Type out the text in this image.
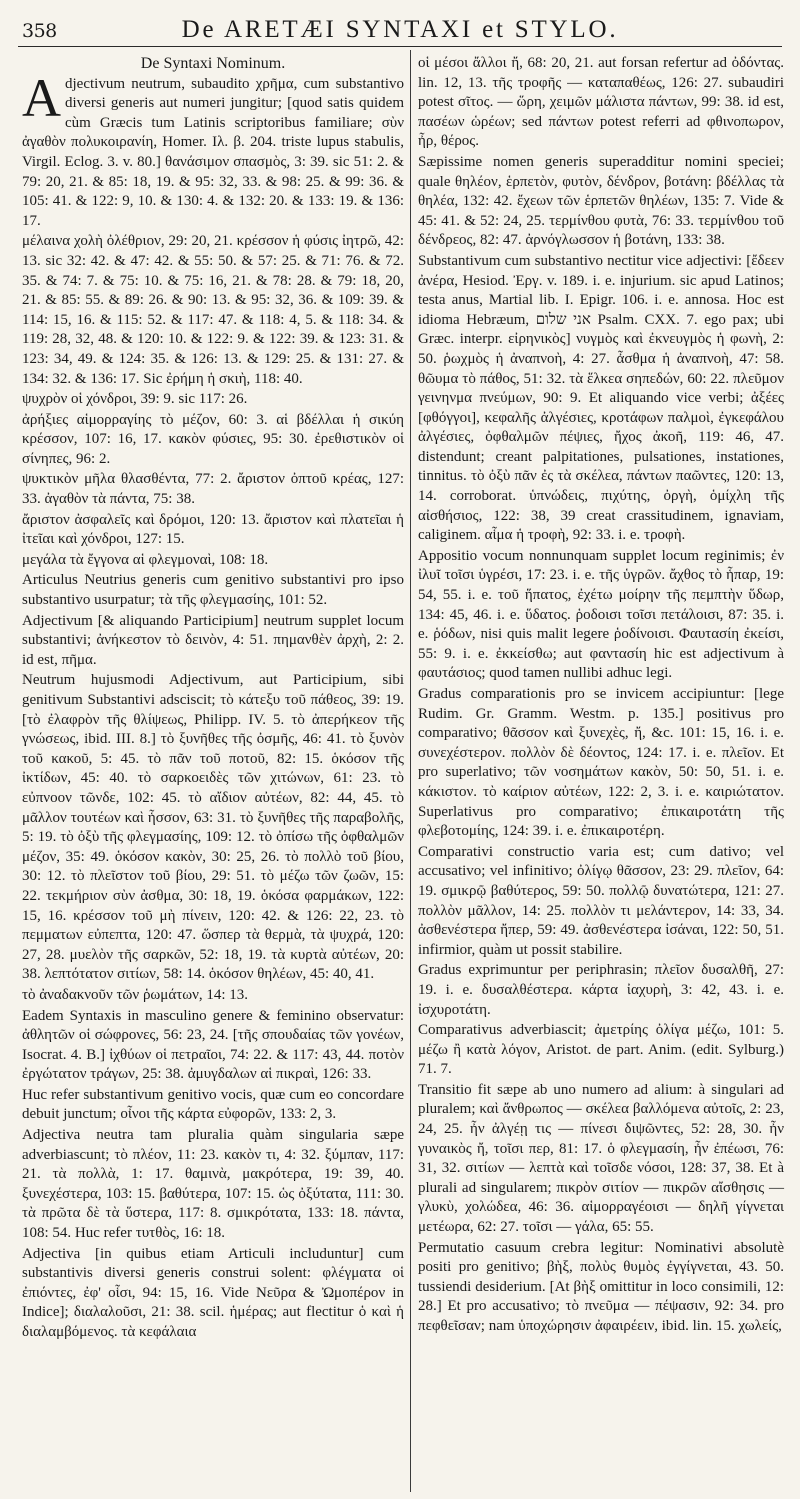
358	De ARETÆI SYNTAXI et STYLO.
De Syntaxi Nominum.

Adjectivum neutrum, subaudito χρῆμα, cum substantivo diversi generis aut numeri jungitur; [quod satis quidem cùm Græcis tum Latinis scriptoribus familiare; σὺν ἀγαθὸν πολυκοιρανίη, Homer. Ιλ. β. 204. triste lupus stabulis, Virgil. Eclog. 3. v. 80.] θανάσιμον σπασμὸς, 3: 39. sic 51: 2. & 79: 20, 21. & 85: 18, 19. & 95: 32, 33. & 98: 25. & 99: 36. & 105: 41. & 122: 9, 10. & 130: 4. & 132: 20. & 133: 19. & 136: 17.

μέλαινα χολὴ ὀλέθριον, 29: 20, 21. κρέσσον ἡ φύσις ἰητρῶ, 42: 13. sic 32: 42. & 47: 42. & 55: 50. & 57: 25. & 71: 76. & 72. 35. & 74: 7. & 75: 10. & 75: 16, 21. & 78: 28. & 79: 18, 20, 21. & 85: 55. & 89: 26. & 90: 13. & 95: 32, 36. & 109: 39. & 114: 15, 16. & 115: 52. & 117: 47. & 118: 4, 5. & 118: 34. & 119: 28, 32, 48. & 120: 10. & 122: 9. & 122: 39. & 123: 31. & 123: 34, 49. & 124: 35. & 126: 13. & 129: 25. & 131: 27. & 134: 32. & 136: 17. Sic ἐρήμη ἡ σκιὴ, 118: 40.

ψυχρὸν οἱ χόνδροι, 39: 9. sic 117: 26.

ἀρήξιες αἱμορραγίης τὸ μέζον, 60: 3. αἱ βδέλλαι ἡ σικύη κρέσσον, 107: 16, 17. κακὸν φύσιες, 95: 30. ἐρεθιστικὸν οἱ σίνηπες, 96: 2.

ψυκτικὸν μῆλα θλασθέντα, 77: 2. ἄριστον ὀπτοῦ κρέας, 127: 33. ἀγαθὸν τὰ πάντα, 75: 38.

ἄριστον ἀσφαλεῖς καὶ δρόμοι, 120: 13. ἄριστον καὶ πλατεῖαι ἡ ἰτεῖαι καὶ χόνδροι, 127: 15.

μεγάλα τὰ ἔγγονα αἱ φλεγμοναὶ, 108: 18.

Articulus Neutrius generis cum genitivo substantivi pro ipso substantivo usurpatur; τὰ τῆς φλεγμασίης, 101: 52.

Adjectivum [& aliquando Participium] neutrum supplet locum substantivi; ἀνήκεστον τὸ δεινὸν, 4: 51. πημανθὲν ἀρχὴ, 2: 2. id est, πῆμα.

Neutrum hujusmodi Adjectivum, aut Participium, sibi genitivum Substantivi adsciscit; τὸ κάτεξυ τοῦ πάθεος, 39: 19. [τὸ ἐλαφρὸν τῆς θλίψεως, Philipp. IV. 5. τὸ ἀπερήκεον τῆς γνώσεως, ibid. III. 8.] τὸ ξυνῆθες τῆς ὀσμῆς, 46: 41. τὸ ξυνὸν τοῦ κακοῦ, 5: 45. τὸ πᾶν τοῦ ποτοῦ, 82: 15. ὁκόσον τῆς ἰκτίδων, 45: 40. τὸ σαρκοειδὲς τῶν χιτώνων, 61: 23. τὸ εὐπνοον τῶνδε, 102: 45. τὸ αἴδιον αὐτέων, 82: 44, 45. τὸ μᾶλλον τουτέων καὶ ἧσσον, 63: 31. τὸ ξυνῆθες τῆς παραβολῆς, 5: 19. τὸ ὀξὺ τῆς φλεγμασίης, 109: 12. τὸ ὀπίσω τῆς ὀφθαλμῶν μέζον, 35: 49. ὁκόσον κακὸν, 30: 25, 26. τὸ πολλὸ τοῦ βίου, 30: 12. τὸ πλεῖστον τοῦ βίου, 29: 51. τὸ μέζω τῶν ζωῶν, 15: 22. τεκμήριον σὺν ἀσθμα, 30: 18, 19. ὁκόσα φαρμάκων, 122: 15, 16. κρέσσον τοῦ μὴ πίνειν, 120: 42. & 126: 22, 23. τὸ πεμματων εὐπεπτα, 120: 47. ὥσπερ τὰ θερμὰ, τὰ ψυχρά, 120: 27, 28. μυελὸν τῆς σαρκῶν, 52: 18, 19. τὰ κυρτὰ αὐτέων, 20: 38. λεπτότατον σιτίων, 58: 14. ὁκόσον θηλέων, 45: 40, 41.

τὸ ἀναδακνοῦν τῶν ῥωμάτων, 14: 13.

Eadem Syntaxis in masculino genere & feminino observatur: ἀθλητῶν οἱ σώφρονες, 56: 23, 24. [τῆς σπουδαίας τῶν γονέων, Isocrat. 4. B.] ἰχθύων οἱ πετραῖοι, 74: 22. & 117: 43, 44. ποτὸν ἐργώτατον τράγων, 25: 38. ἀμυγδαλων αἱ πικραὶ, 126: 33.

Huc refer substantivum genitivo vocis, quæ cum eo concordare debuit junctum; οἶνοι τῆς κάρτα εὐφορῶν, 133: 2, 3.

Adjectiva neutra tam pluralia quàm singularia sæpe adverbiascunt; τὸ πλέον, 11: 23. κακὸν τι, 4: 32. ξύμπαν, 117: 21. τὰ πολλὰ, 1: 17. θαμινὰ, μακρότερα, 19: 39, 40. ξυνεχέστερα, 103: 15. βαθύτερα, 107: 15. ὡς ὀξύτατα, 111: 30. τὰ πρῶτα δὲ τὰ ὕστερα, 117: 8. σμικρότατα, 133: 18. πάντα, 108: 54. Huc refer τυτθὸς, 16: 18.

Adjectiva [in quibus etiam Articuli includuntur] cum substantivis diversi generis construi solent: φλέγματα οἱ ἐπιόντες, ἐφ' οἷσι, 94: 15, 16. Vide Νεῦρα & Ὠμοπέρον in Indice]; διαλαλοῦσι, 21: 38. scil. ἡμέρας; aut flectitur ὁ καὶ ἡ διαλαμβόμενος. τὰ κεφάλαια

οἱ μέσοι ἄλλοι ἤ, 68: 20, 21. aut forsan refertur ad ὀδόντας. lin. 12, 13. τῆς τροφῆς — καταπαθέως, 126: 27. subaudiri potest σῖτος. — ὥρη, χειμῶν μάλιστα πάντων, 99: 38. id est, πασέων ὡρέων; sed πάντων potest referri ad φθινοπωρον, ἦρ, θέρος.

Sæpissime nomen generis superadditur nomini speciei; quale θηλέον, ἑρπετὸν, φυτὸν, δένδρον, βοτάνη: βδέλλας τὰ θηλέα, 132: 42. ἔχεων τῶν ἑρπετῶν θηλέων, 135: 7. Vide & 45: 41. & 52: 24, 25. τερμίνθου φυτὰ, 76: 33. τερμίνθου τοῦ δένδρεος, 82: 47. ἀρνόγλωσσον ἡ βοτάνη, 133: 38.

Substantivum cum substantivo nectitur vice adjectivi: [ἔδεεν ἀνέρα, Hesiod. Ἐργ. v. 189. i. e. injurium. sic apud Latinos; testa anus, Martial lib. I. Epigr. 106. i. e. annosa. Hoc est idioma Hebræum, אני שלום Psalm. CXX. 7. ego pax; ubi Græc. interpr. εἰρηνικὸς] νυγμὸς καὶ ἐκνευγμὸς ἡ φωνὴ, 2: 50. ῥωχμὸς ἡ ἀναπνοὴ, 4: 27. ἆσθμα ἡ ἀναπνοὴ, 47: 58. θῶυμα τὸ πάθος, 51: 32. τὰ ἕλκεα σηπεδών, 60: 22. πλεῦμον γεινηνμα πνεύμων, 90: 9. Et aliquando vice verbi; ἀξέες [φθόγγοι], κεφαλῆς ἀλγέσιες, κροτάφων παλμοὶ, ἐγκεφάλου ἀλγέσιες, ὀφθαλμῶν πέψιες, ἤχος ἀκοῆ, 119: 46, 47. distendunt; creant palpitationes, pulsationes, instationes, tinnitus. τὸ ὀξὺ πᾶν ἐς τὰ σκέλεα, πάντων παῶντες, 120: 13, 14. corroborat. ὑπνώδεις, πιχύτης, ὀργὴ, ὁμίχλη τῆς αἰσθήσιος, 122: 38, 39 creat crassitudinem, ignaviam, caliginem. αἷμα ἡ τροφὴ, 92: 33. i. e. τροφὴ.

Appositio vocum nonnunquam supplet locum reginimis; ἐν ἰλυῖ τοῖσι ὑγρέσι, 17: 23. i. e. τῆς ὑγρῶν. ἄχθος τὸ ἧπαρ, 19: 54, 55. i. e. τοῦ ἥπατος, ἐχέτω μοίρην τῆς πεμπτὴν ὕδωρ, 134: 45, 46. i. e. ὕδατος. ῥοδοισι τοῖσι πετάλοισι, 87: 35. i. e. ῥόδων, nisi quis malit legere ῥοδίνοισι. Φαυτασίη ἐκείσι, 55: 9. i. e. ἐκκείσθω; aut φαντασίη hic est adjectivum à φαυτάσιος; quod tamen nullibi adhuc legi.

Gradus comparationis pro se invicem accipiuntur: [lege Rudim. Gr. Gramm. Westm. p. 135.] positivus pro comparativo; θᾶσσον καὶ ξυνεχὲς, ἤ, &c. 101: 15, 16. i. e. συνεχέστερον. πολλὸν δὲ δέοντος, 124: 17. i. e. πλεῖον. Et pro superlativo; τῶν νοσημάτων κακὸν, 50: 50, 51. i. e. κάκιστον. τὸ καίριον αὐτέων, 122: 2, 3. i. e. καιριώτατον. Superlativus pro comparativo; ἐπικαιροτάτη τῆς φλεβοτομίης, 124: 39. i. e. ἐπικαιροτέρη.

Comparativi constructio varia est; cum dativo; vel accusativo; vel infinitivo; ὀλίγῳ θᾶσσον, 23: 29. πλεῖον, 64: 19. σμικρῷ βαθύτερος, 59: 50. πολλῷ δυνατώτερα, 121: 27. πολλὸν μᾶλλον, 14: 25. πολλὸν τι μελάντερον, 14: 33, 34. ἀσθενέστερα ἤπερ, 59: 49. ἀσθενέστερα ἰσάναι, 122: 50, 51. infirmior, quàm ut possit stabilire.

Gradus exprimuntur per periphrasin; πλεῖον δυσαλθῆ, 27: 19. i. e. δυσαλθέστερα. κάρτα ἰαχυρὴ, 3: 42, 43. i. e. ἰσχυροτάτη.

Comparativus adverbiascit; ἀμετρίης ὀλίγα μέζω, 101: 5. μέζω ἢ κατὰ λόγον, Aristot. de part. Anim. (edit. Sylburg.) 71. 7.

Transitio fit sæpe ab uno numero ad alium: à singulari ad pluralem; καὶ ἄνθρωπος — σκέλεα βαλλόμενα αὐτοῖς, 2: 23, 24, 25. ἦν ἀλγέῃ τις — πίνεσι διψῶντες, 52: 28, 30. ἦν γυναικὸς ἤ, τοῖσι περ, 81: 17. ὁ φλεγμασίη, ἦν ἐπέωσι, 76: 31, 32. σιτίων — λεπτὰ καὶ τοῖσδε νόσοι, 128: 37, 38. Et à plurali ad singularem; πικρὸν σιτίον — πικρῶν αἴσθησις — γλυκὺ, χολώδεα, 46: 36. αἱμορραγέοισι — δηλῆ γίγνεται μετέωρα, 62: 27. τοῖσι — γάλα, 65: 55.

Permutatio casuum crebra legitur: Nominativi absolutè positi pro genitivo; βὴξ, πολὺς θυμὸς ἐγγίγνεται, 43. 50. tussiendi desiderium. [At βὴξ omittitur in loco consimili, 12: 28.] Et pro accusativo; τὸ πνεῦμα — πέψασιν, 92: 34. pro πεφθεῖσαν; nam ὑποχώρησιν ἀφαιρέειν, ibid. lin. 15. χωλείς,
